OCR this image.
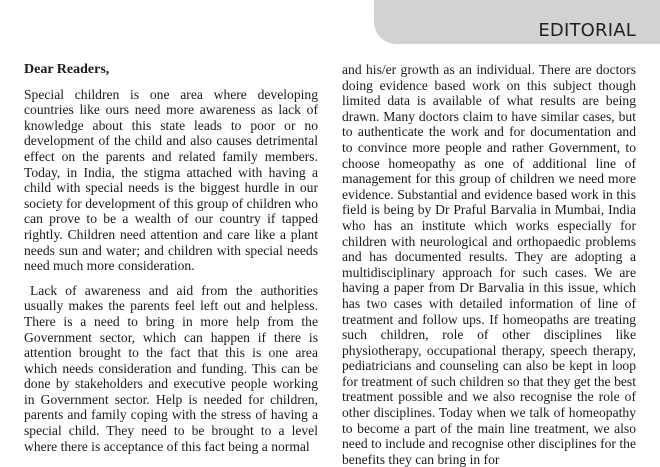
EDITORIAL

Dear Readers,

Special children is one area where developing countries like ours need more awareness as lack of knowledge about this state leads to poor or no development of the child and also causes detrimental effect on the parents and related family members. Today, in India, the stigma attached with having a child with special needs is the biggest hurdle in our society for development of this group of children who can prove to be a wealth of our country if tapped rightly. Children need attention and care like a plant needs sun and water; and children with special needs need much more consideration.

Lack of awareness and aid from the authorities usually makes the parents feel left out and helpless. There is a need to bring in more help from the Government sector, which can happen if there is attention brought to the fact that this is one area which needs consideration and funding. This can be done by stakeholders and executive people working in Government sector. Help is needed for children, parents and family coping with the stress of having a special child. They need to be brought to a level where there is acceptance of this fact being a normal

and his/er growth as an individual. There are doctors doing evidence based work on this subject though limited data is available of what results are being drawn. Many doctors claim to have similar cases, but to authenticate the work and for documentation and to convince more people and rather Government, to choose homeopathy as one of additional line of management for this group of children we need more evidence. Substantial and evidence based work in this field is being by Dr Praful Barvalia in Mumbai, India who has an institute which works especially for children with neurological and orthopaedic problems and has documented results. They are adopting a multidisciplinary approach for such cases. We are having a paper from Dr Barvalia in this issue, which has two cases with detailed information of line of treatment and follow ups. If homeopaths are treating such children, role of other disciplines like physiotherapy, occupational therapy, speech therapy, pediatricians and counseling can also be kept in loop for treatment of such children so that they get the best treatment possible and we also recognise the role of other disciplines. Today when we talk of homeopathy to become a part of the main line treatment, we also need to include and recognise other disciplines for the benefits they can bring in for
